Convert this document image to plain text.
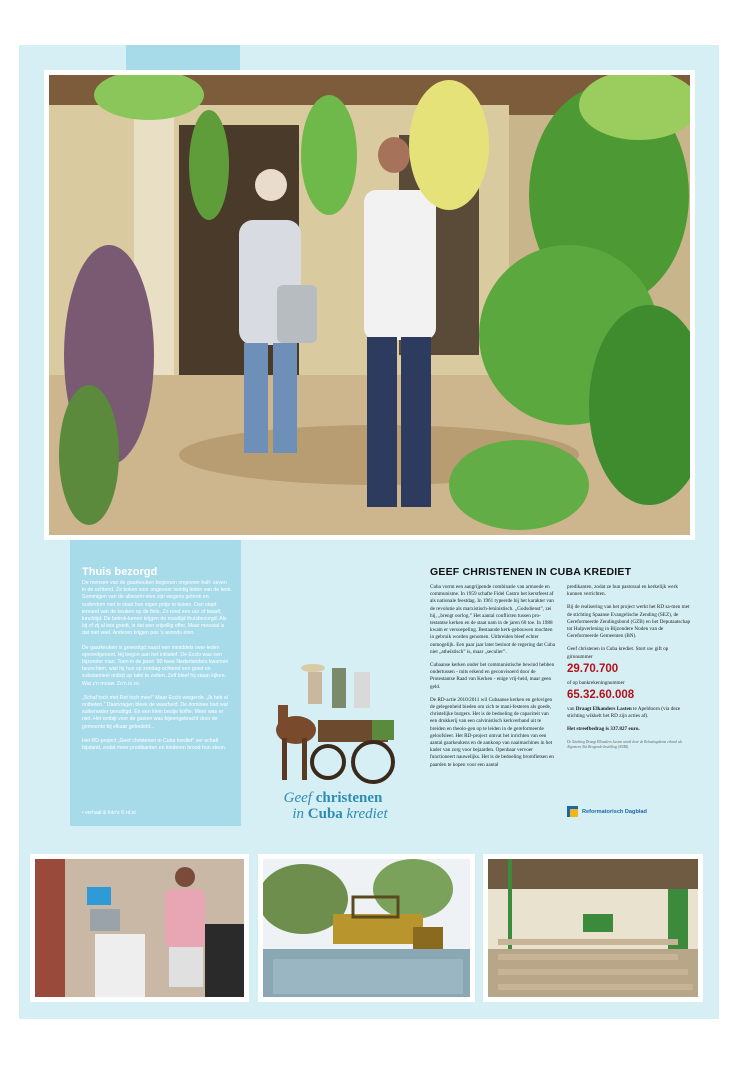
Thuis bezorgd

De mensen van de gaarkeuken beginnen ongeveer half- zeven in de ochtend. Ze koken voor ongeveer twintig leden van de kerk. Sommigen van de allerarm-sten zijn wegens gebrek en ouderdom niet in staat hun eigen potje te koken. Dan stapt iemand van de keuken op de fiets. Zo rond een uur of twaalf, lunchtijd. De betrok-kenen krijgen de maaltijd thuisbezorgd. Als bij of zij al iets goedt, is dat een vrijwillig offer. Maar meestal is dat niet veel. Anderen krijgen pas 's avonds eten.

De gaarkeuken is gevestigd naast een inmiddels over-leden opvoedgenoot. Hij begon aan het initiatief. De Ecclo was een bijzonder man. Toen in de jaren '90 twee Nederlanders kwamen bezochten, wist hij hun op zondag-ochtend een goed en substantieel ontbijt op tafel te zetten. Zelf bleef hij staan kijken. Wat z'n mouw. Zo'n is zo.

„Schaf toch met Ret toch mee!” Maar Ecclo weigerde. „Ik heb al ontbeten.” Daarvragen bleek de waarheid. De dominee had wat sulkerwater genuttigd. En een klein bestje koffie. Meer was er niet. Het ontbijt voor de gasten was bijeengebracht door de gemeente bij elkaar gebedeld...

Het RD-project „Geef christenen in Cuba krediet” ver-schaft bijstand, zodat meer predikanten en kinderen brood hun steun.

• verhaal & foto's © rd.nl
Geef christenen
in Cuba krediet
GEEF CHRISTENEN IN CUBA KREDIET

Cuba vormt een aangrijpende combinatie van armoede en communisme. In 1959 schafte Fidel Castro het kerstfeest af als nationale feestdag. In 1961 typeerde hij het karakter van de revolutie als marxistisch-leninistisch. „Godsdienst”, zei hij, „brengt oorlog.” Het aantal conflicten tussen pro-testantse kerken en de staat nam in de jaren 60 toe. In 1988 kwam er versoepeling. Bestaande kerk-gebouwen mochten in gebruik worden genomen. Uitbreiden bleef echter onmogelijk. Een paar jaar later besloot de regering dat Cuba niet „atheïstisch” is, maar „seculier”.

Cubaanse kerken onder het communistische bewind hebben ondertussen - mits erkend en geconvisoerd door de Protestantse Raad van Kerken - enige vrij-heid, maar geen geld.

De RD-actie 2010/2011 wil Cubaanse kerken en gelovigen de gelegenheid bieden om zich te mani-festeren als goede, christelijke burgers. Het is de bedoeling de capaciteit van een drukkerij van een calvinistisch kerkverband uit te breiden en theolo-gen op te leiden in de gereformeerde geloofsleer. Het RD-project omvat het inrichten van een aantal gaarkeukens en de aankoop van naaimachines in het kader van zorg voor bejaarden. Openbaar vervoer functioneert nauwelijks. Het is de bedoeling bromfietsen en paarden te kopen voor een aantal

predikanten, zodat ze hun pastoraal en kerkelijk werk kunnen verrichten.

Bij de realisering van het project werkt het RD sa-men met de stichting Spaanse Evangelische Zending (SEZ), de Gereformeerde Zendingsbond (GZB) en het Deputaatschap tot Hulpverlening in Bijzondere Noden van de Gereformeerde Gemeenten (BN).

Geef christenen in Cuba krediet. Stort uw gift op gironummer

29.70.700

of op bankrekeningnummer

65.32.60.008

van Draagt Elkanders Lasten te Apeldoorn (via deze stichting wikkelt het RD zijn acties af).

Het streefbedrag is 337.827 euro.

De Stichting Draagt Elkanders Lasten wordt door de Belastingdienst erkend als Algemeen Nut Beogende Instelling (ANBI).

Reformatorisch Dagblad
